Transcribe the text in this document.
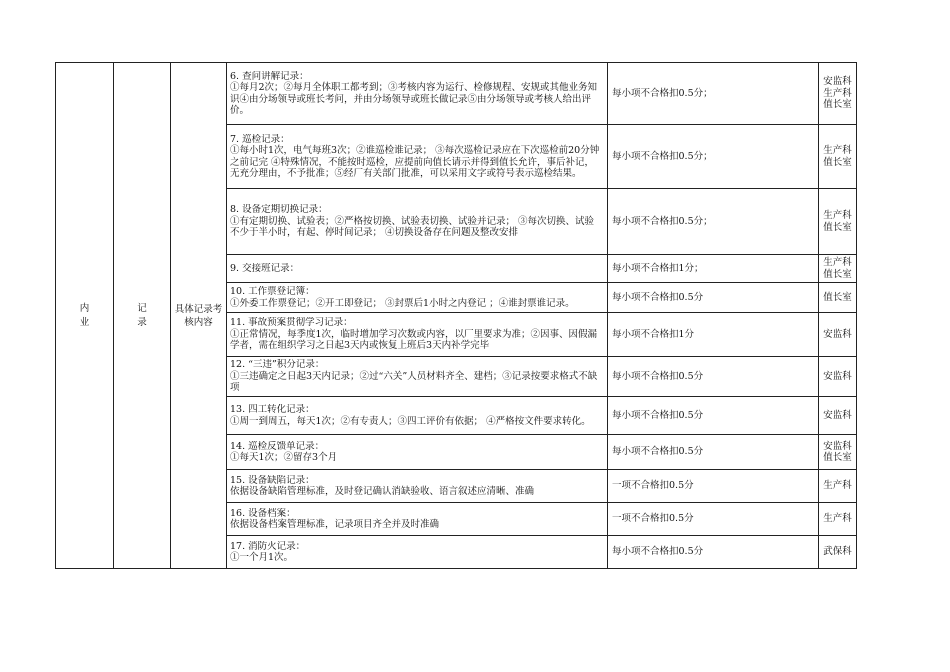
内业	记录	具体记录考核内容	6. 查问讲解记录：
①每月2次；②每月全体职工都考到；③考核内容为运行、检修规程、安规或其他业务知识④由分场领导或班长考问，并由分场领导或班长做记录⑤由分场领导或考核人给出评价。	每小项不合格扣0.5分；	安监科
生产科
值长室

			7. 巡检记录：
①每小时1次，电气每班3次；②谁巡检谁记录； ③每次巡检记录应在下次巡检前20分钟之前记完 ④特殊情况，不能按时巡检，应提前向值长请示并得到值长允许，事后补记，无充分理由，不予批准；⑤经厂有关部门批准，可以采用文字或符号表示巡检结果。	每小项不合格扣0.5分；	生产科
值长室

			8. 设备定期切换记录：
①有定期切换、试验表；②严格按切换、试验表切换、试验并记录； ③每次切换、试验不少于半小时，有起、停时间记录； ④切换设备存在问题及整改安排	每小项不合格扣0.5分；	生产科
值长室

			9. 交接班记录：	每小项不合格扣1分；	生产科
值长室

			10. 工作票登记簿：
①外委工作票登记；②开工即登记； ③封票后1小时之内登记 ；④谁封票谁记录。	每小项不合格扣0.5分	值长室

			11. 事故预案贯彻学习记录：
①正常情况，每季度1次，临时增加学习次数或内容，以厂里要求为准；②因事、因假漏学者，需在组织学习之日起3天内或恢复上班后3天内补学完毕	每小项不合格扣1分	安监科

			12. “三违”积分记录：
①三违确定之日起3天内记录；②过“六关”人员材料齐全、建档；③记录按要求格式不缺项	每小项不合格扣0.5分	安监科

			13. 四工转化记录：
①周一到周五，每天1次；②有专责人；③四工评价有依据； ④严格按文件要求转化。	每小项不合格扣0.5分	安监科

			14. 巡检反馈单记录：
①每天1次；②留存3个月	每小项不合格扣0.5分	安监科
值长室

			15. 设备缺陷记录：
依据设备缺陷管理标准，及时登记确认消缺验收、语言叙述应清晰、准确	一项不合格扣0.5分	生产科

			16. 设备档案：
依据设备档案管理标准，记录项目齐全并及时准确	一项不合格扣0.5分	生产科

			17. 消防火记录：
①一个月1次。	每小项不合格扣0.5分	武保科
